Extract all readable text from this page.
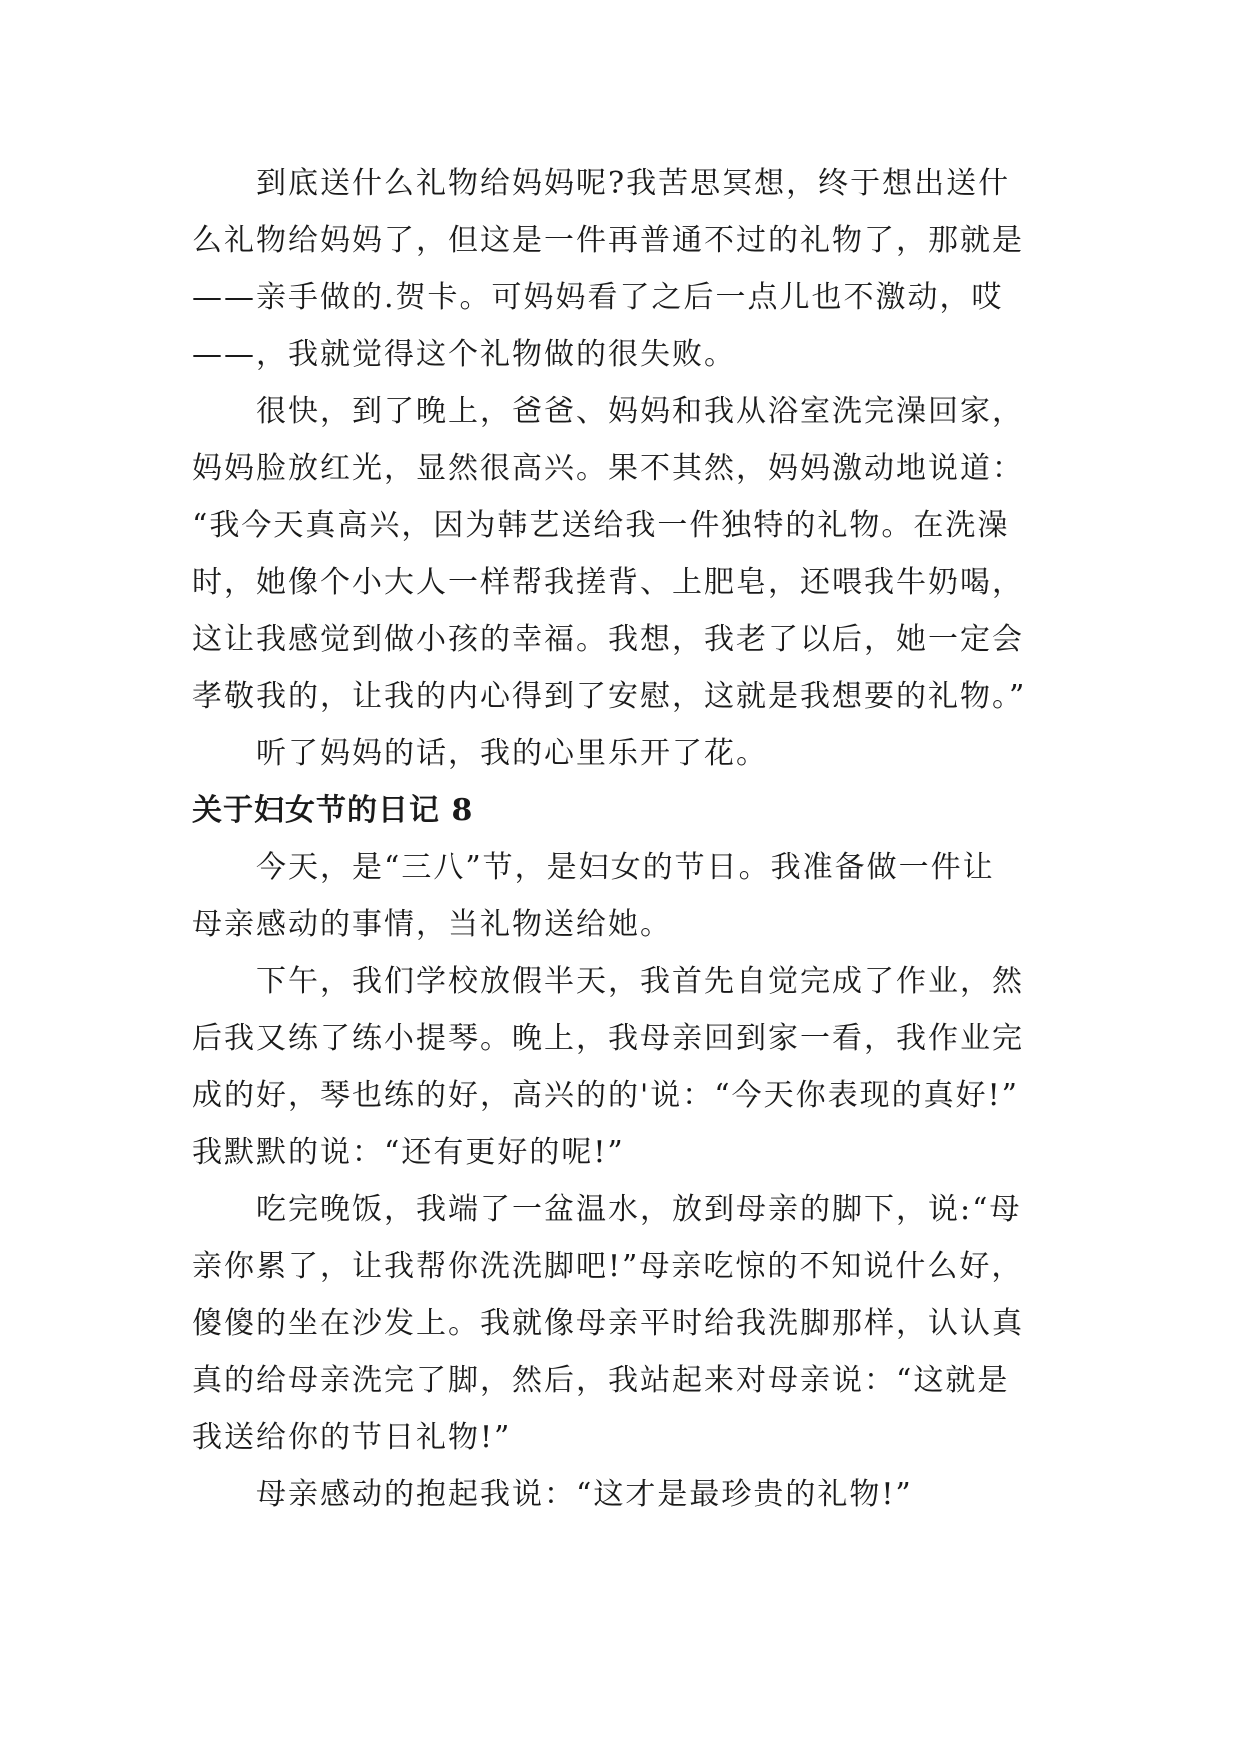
到底送什么礼物给妈妈呢?我苦思冥想，终于想出送什
么礼物给妈妈了，但这是一件再普通不过的礼物了，那就是
——亲手做的.贺卡。可妈妈看了之后一点儿也不激动，哎
——，我就觉得这个礼物做的很失败。

很快，到了晚上，爸爸、妈妈和我从浴室洗完澡回家，
妈妈脸放红光，显然很高兴。果不其然，妈妈激动地说道：
“我今天真高兴，因为韩艺送给我一件独特的礼物。在洗澡
时，她像个小大人一样帮我搓背、上肥皂，还喂我牛奶喝，
这让我感觉到做小孩的幸福。我想，我老了以后，她一定会
孝敬我的，让我的内心得到了安慰，这就是我想要的礼物。”

听了妈妈的话，我的心里乐开了花。

关于妇女节的日记 8

今天，是“三八”节，是妇女的节日。我准备做一件让
母亲感动的事情，当礼物送给她。

下午，我们学校放假半天，我首先自觉完成了作业，然
后我又练了练小提琴。晚上，我母亲回到家一看，我作业完
成的好，琴也练的好，高兴的的'说：“今天你表现的真好!”
我默默的说：“还有更好的呢!”

吃完晚饭，我端了一盆温水，放到母亲的脚下，说:“母
亲你累了，让我帮你洗洗脚吧!”母亲吃惊的不知说什么好，
傻傻的坐在沙发上。我就像母亲平时给我洗脚那样，认认真
真的给母亲洗完了脚，然后，我站起来对母亲说：“这就是
我送给你的节日礼物!”

母亲感动的抱起我说：“这才是最珍贵的礼物!”
